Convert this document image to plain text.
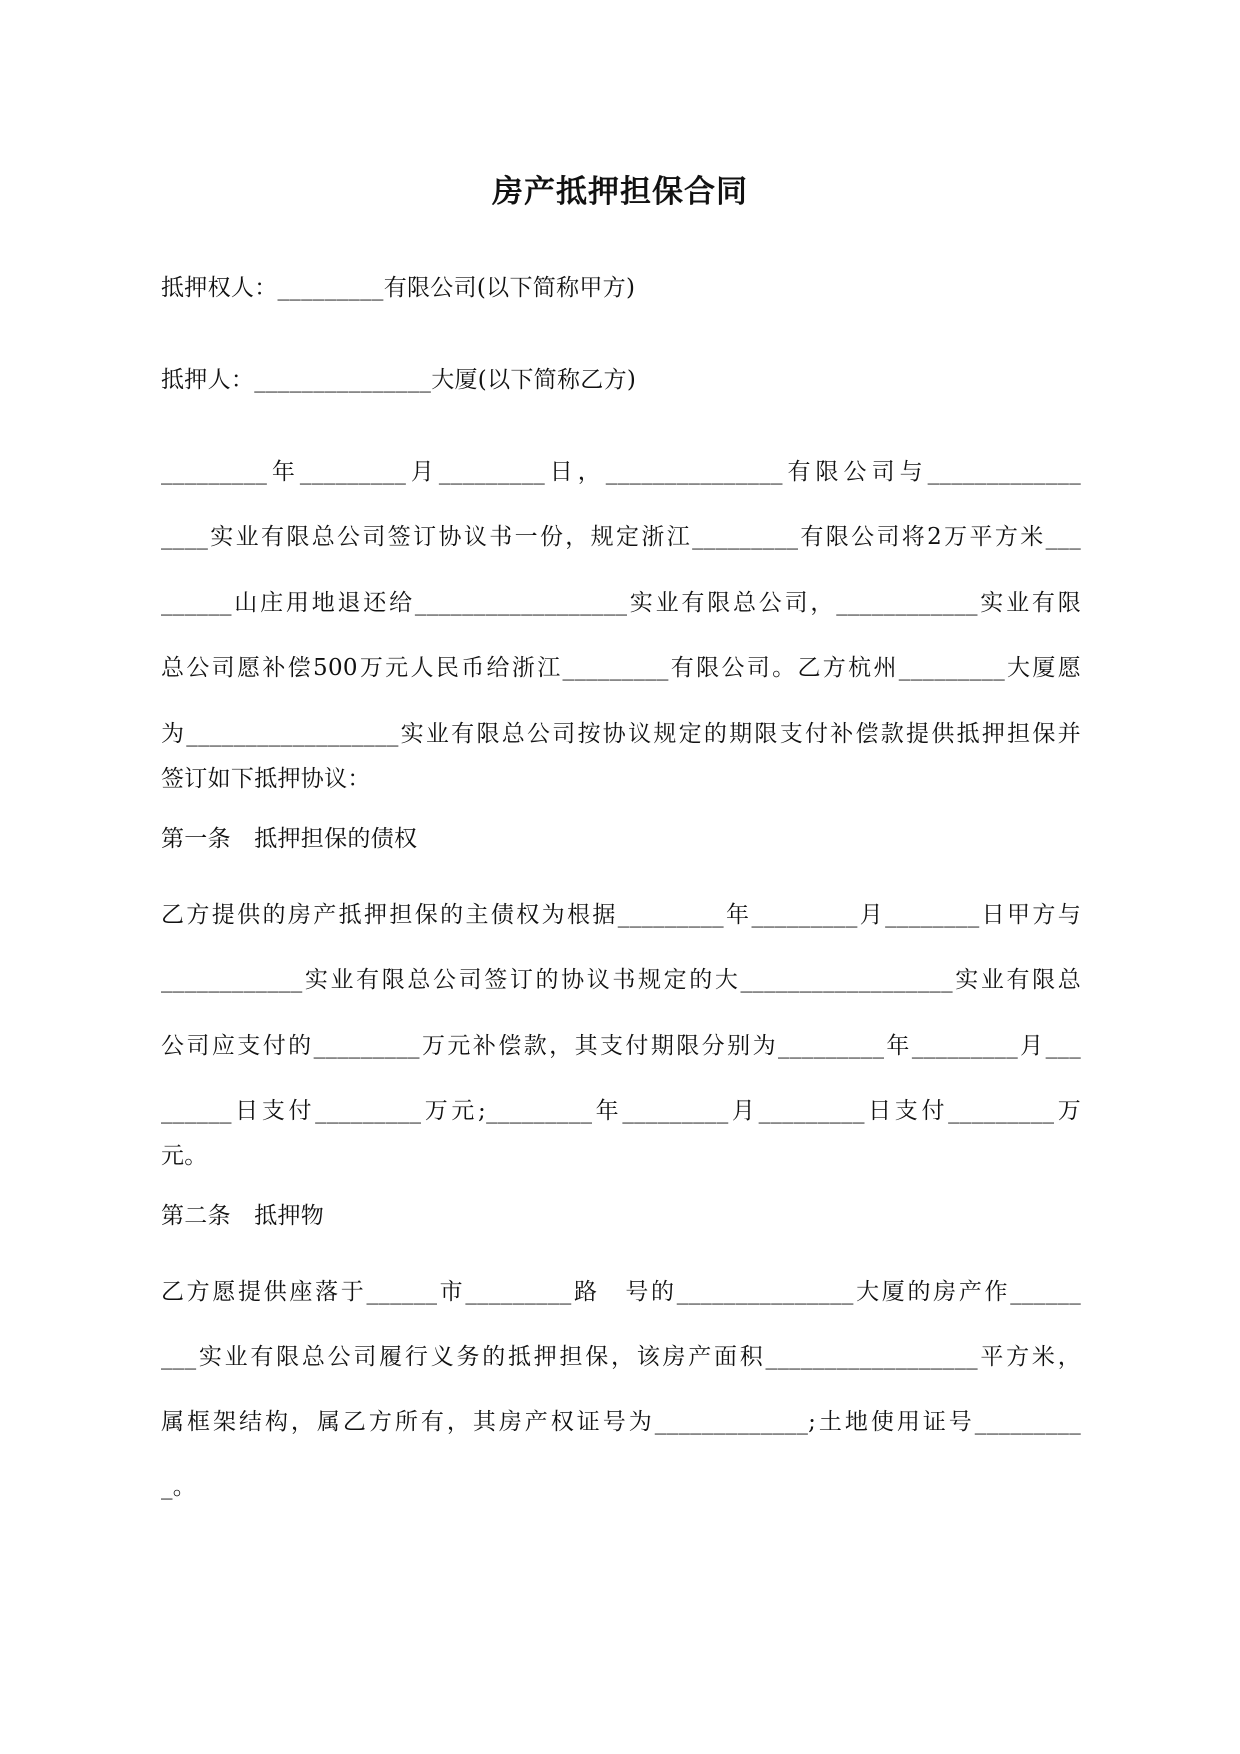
房产抵押担保合同
抵押权人：_________有限公司(以下简称甲方)
抵押人：_______________大厦(以下简称乙方)
_________年_________月_________日，_______________有限公司与_____________
____实业有限总公司签订协议书一份，规定浙江_________有限公司将2万平方米___
______山庄用地退还给__________________实业有限总公司，____________实业有限
总公司愿补偿500万元人民币给浙江_________有限公司。乙方杭州_________大厦愿
为__________________实业有限总公司按协议规定的期限支付补偿款提供抵押担保并
签订如下抵押协议：
第一条　抵押担保的债权
乙方提供的房产抵押担保的主债权为根据_________年_________月________日甲方与
____________实业有限总公司签订的协议书规定的大__________________实业有限总
公司应支付的_________万元补偿款，其支付期限分别为_________年_________月___
______日支付_________万元;_________年_________月_________日支付_________万
元。
第二条　抵押物
乙方愿提供座落于______市_________路　号的_______________大厦的房产作______
___实业有限总公司履行义务的抵押担保，该房产面积__________________平方米，
属框架结构，属乙方所有，其房产权证号为_____________;土地使用证号_________
_。
